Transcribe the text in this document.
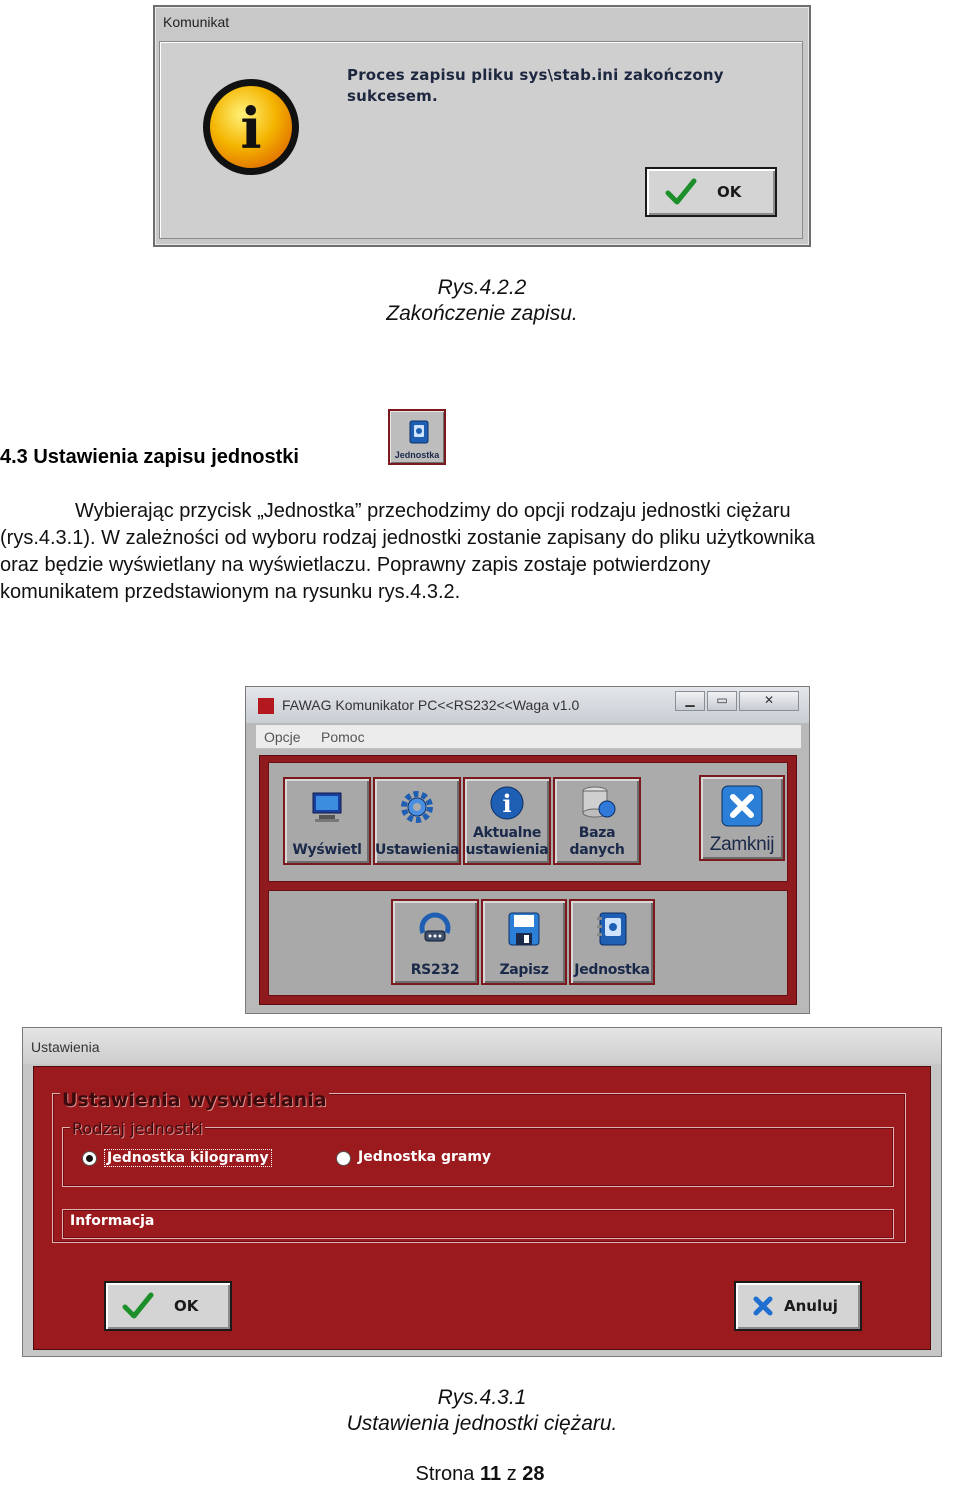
Komunikat
i
Proces zapisu pliku sys\stab.ini zakończony
sukcesem.
OK
Rys.4.2.2
Zakończenie zapisu.
4.3 Ustawienia zapisu jednostki	Jednostka
Wybierając przycisk „Jednostka” przechodzimy do opcji rodzaju jednostki ciężaru
(rys.4.3.1). W zależności od wyboru rodzaj jednostki zostanie zapisany do pliku użytkownika
oraz będzie wyświetlany na wyświetlaczu. Poprawny zapis zostaje potwierdzony
komunikatem przedstawionym na rysunku rys.4.3.2.
FAWAG Komunikator PC<<RS232<<Waga v1.0	▁	▭	✕
Opcje Pomoc
Wyświetl Ustawienia
i
Aktualne
ustawienia
Baza
danych	Zamknij
RS232	Zapisz	Jednostka
Ustawienia
Ustawienia wyswietlania
Rodzaj jednostki
Jednostka kilogramy	Jednostka gramy
Informacja
OK	Anuluj
Rys.4.3.1
Ustawienia jednostki ciężaru.
Strona 11 z 28
